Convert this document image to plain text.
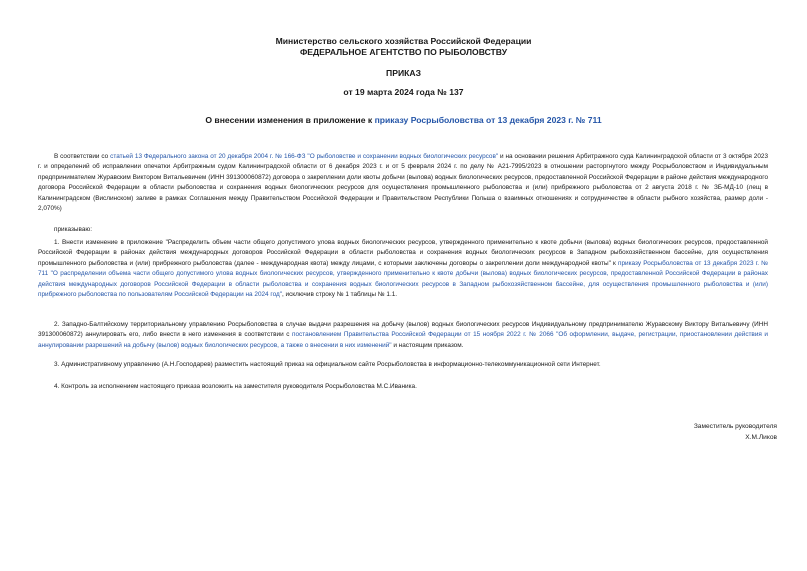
Министерство сельского хозяйства Российской Федерации
ФЕДЕРАЛЬНОЕ АГЕНТСТВО ПО РЫБОЛОВСТВУ
ПРИКАЗ
от 19 марта 2024 года № 137
О внесении изменения в приложение к приказу Росрыболовства от 13 декабря 2023 г. № 711
В соответствии со статьей 13 Федерального закона от 20 декабря 2004 г. № 166-ФЗ "О рыболовстве и сохранении водных биологических ресурсов" и на основании решения Арбитражного суда Калининградской области от 3 октября 2023 г. и определений об исправлении опечатки Арбитражным судом Калининградской области от 6 декабря 2023 г. и от 5 февраля 2024 г. по делу № А21-7995/2023 в отношении расторгнутого между Росрыболовством и Индивидуальным предпринимателем Журавским Виктором Витальевичем (ИНН 391300060872) договора о закреплении доли квоты добычи (вылова) водных биологических ресурсов, предоставленной Российской Федерации в районе действия международного договора Российской Федерации в области рыболовства и сохранения водных биологических ресурсов для осуществления промышленного рыболовства и (или) прибрежного рыболовства от 2 августа 2018 г. № ЗБ-МД-10 (лещ в Калининградском (Вислинском) заливе в рамках Соглашения между Правительством Российской Федерации и Правительством Республики Польша о взаимных отношениях и сотрудничестве в области рыбного хозяйства, размер доли - 2,070%)
приказываю:
1. Внести изменение в приложение "Распределить объем части общего допустимого улова водных биологических ресурсов, утвержденного применительно к квоте добычи (вылова) водных биологических ресурсов, предоставленной Российской Федерации в районах действия международных договоров Российской Федерации в области рыболовства и сохранения водных биологических ресурсов в Западном рыбохозяйственном бассейне, для осуществления промышленного рыболовства и (или) прибрежного рыболовства (далее - международная квота) между лицами, с которыми заключены договоры о закреплении доли международной квоты" к приказу Росрыболовства от 13 декабря 2023 г. № 711 "О распределении объема части общего допустимого улова водных биологических ресурсов, утвержденного применительно к квоте добычи (вылова) водных биологических ресурсов, предоставленной Российской Федерации в районах действия международных договоров Российской Федерации в области рыболовства и сохранения водных биологических ресурсов в Западном рыбохозяйственном бассейне, для осуществления промышленного рыболовства и (или) прибрежного рыболовства по пользователям Российской Федерации на 2024 год", исключив строку № 1 таблицы № 1.1.
2. Западно-Балтийскому территориальному управлению Росрыболовства в случае выдачи разрешения на добычу (вылов) водных биологических ресурсов Индивидуальному предпринимателю Журавскому Виктору Витальевичу (ИНН 391300060872) аннулировать его, либо внести в него изменения в соответствии с постановлением Правительства Российской Федерации от 15 ноября 2022 г. № 2066 "Об оформлении, выдаче, регистрации, приостановлении действия и аннулировании разрешений на добычу (вылов) водных биологических ресурсов, а также о внесении в них изменений" и настоящим приказом.
3. Административному управлению (А.Н.Господарев) разместить настоящий приказ на официальном сайте Росрыболовства в информационно-телекоммуникационной сети Интернет.
4. Контроль за исполнением настоящего приказа возложить на заместителя руководителя Росрыболовства М.С.Иваника.
Заместитель руководителя
Х.М.Ликов
